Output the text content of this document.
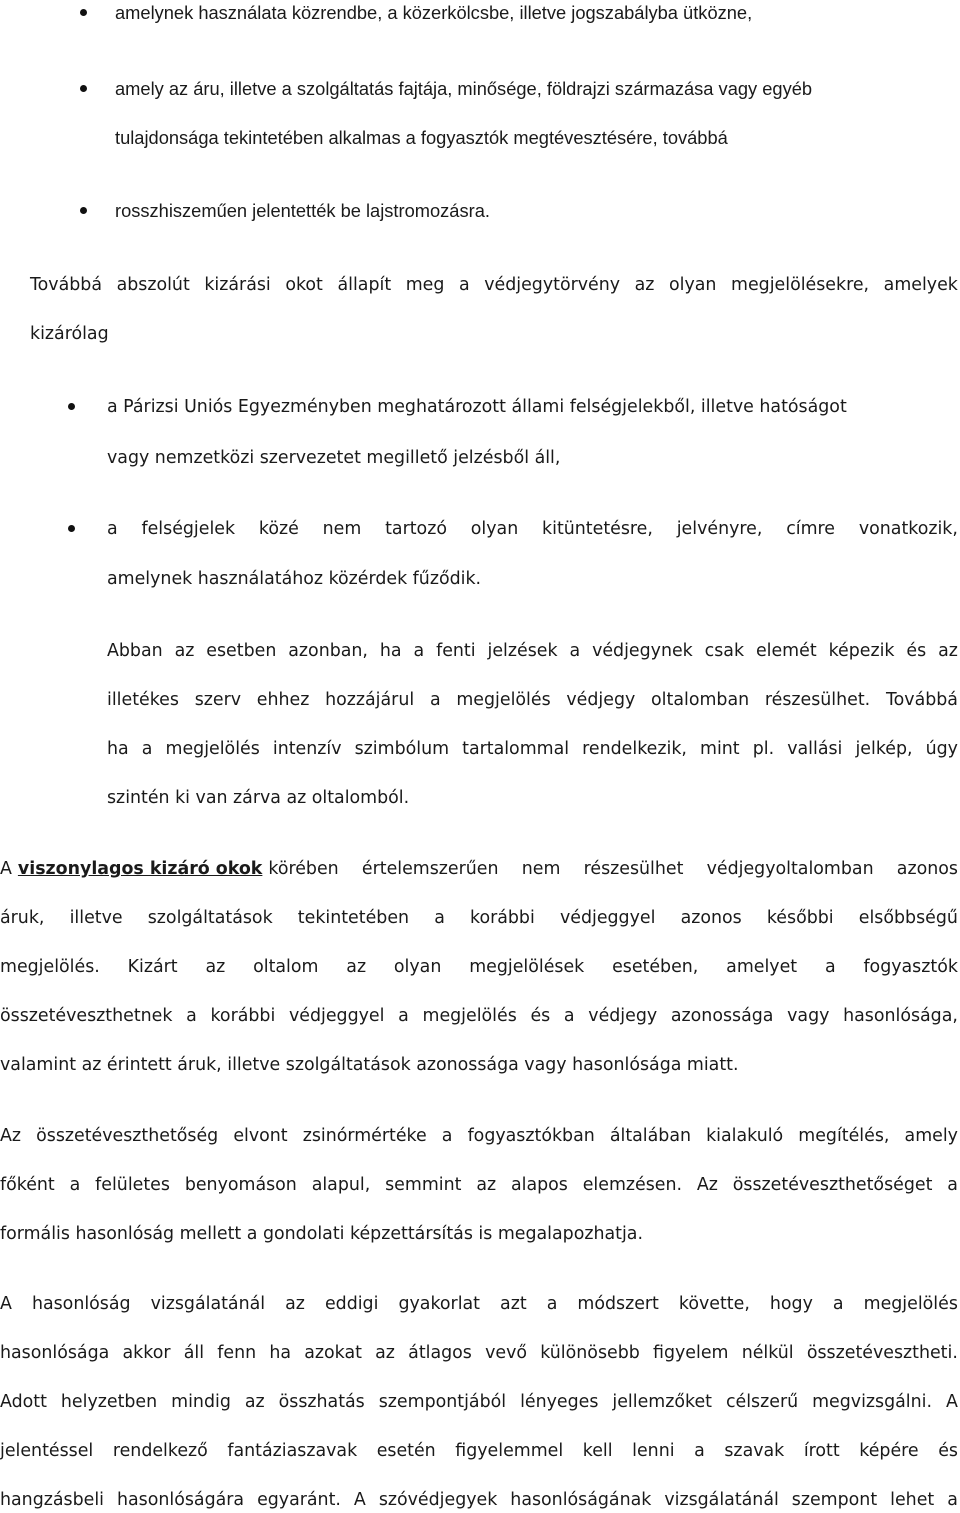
amelynek használata közrendbe, a közerkölcsbe, illetve jogszabályba ütközne,
amely az áru, illetve a szolgáltatás fajtája, minősége, földrajzi származása vagy egyéb
tulajdonsága tekintetében alkalmas a fogyasztók megtévesztésére, továbbá
rosszhiszeműen jelentették be lajstromozásra.
Továbbá abszolút kizárási okot állapít meg a védjegytörvény az olyan megjelölésekre, amelyek
kizárólag
a Párizsi Uniós Egyezményben meghatározott állami felségjelekből, illetve hatóságot
vagy nemzetközi szervezetet megillető jelzésből áll,
a felségjelek közé nem tartozó olyan kitüntetésre, jelvényre, címre vonatkozik,
amelynek használatához közérdek fűződik.
Abban az esetben azonban, ha a fenti jelzések a védjegynek csak elemét képezik és az
illetékes szerv ehhez hozzájárul a megjelölés védjegy oltalomban részesülhet. Továbbá
ha a megjelölés intenzív szimbólum tartalommal rendelkezik, mint pl. vallási jelkép, úgy
szintén ki van zárva az oltalomból.
A viszonylagos kizáró okok körében értelemszerűen nem részesülhet védjegyoltalomban azonos
áruk, illetve szolgáltatások tekintetében a korábbi védjeggyel azonos későbbi elsőbbségű
megjelölés. Kizárt az oltalom az olyan megjelölések esetében, amelyet a fogyasztók
összetéveszthetnek a korábbi védjeggyel a megjelölés és a védjegy azonossága vagy hasonlósága,
valamint az érintett áruk, illetve szolgáltatások azonossága vagy hasonlósága miatt.
Az összetéveszthetőség elvont zsinórmértéke a fogyasztókban általában kialakuló megítélés, amely
főként a felületes benyomáson alapul, semmint az alapos elemzésen. Az összetéveszthetőséget a
formális hasonlóság mellett a gondolati képzettársítás is megalapozhatja.
A hasonlóság vizsgálatánál az eddigi gyakorlat azt a módszert követte, hogy a megjelölés
hasonlósága akkor áll fenn ha azokat az átlagos vevő különösebb figyelem nélkül összetévesztheti.
Adott helyzetben mindig az összhatás szempontjából lényeges jellemzőket célszerű megvizsgálni. A
jelentéssel rendelkező fantáziaszavak esetén figyelemmel kell lenni a szavak írott képére és
hangzásbeli hasonlóságára egyaránt. A szóvédjegyek hasonlóságának vizsgálatánál szempont lehet a
